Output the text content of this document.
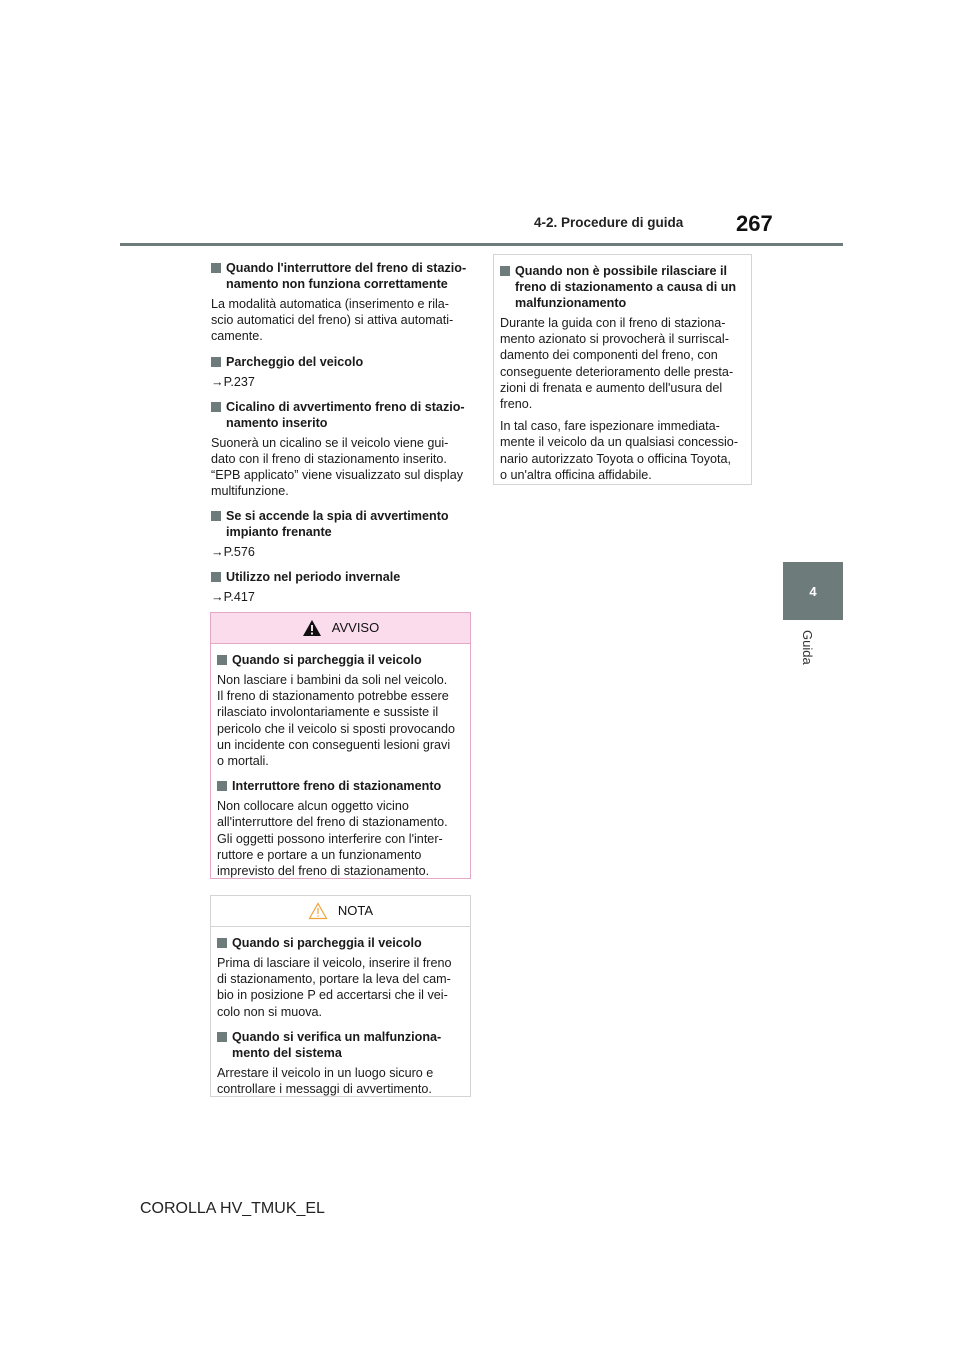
4-2. Procedure di guida 267
4
Guida
Quando l'interruttore del freno di stazio-
namento non funziona correttamente
La modalità automatica (inserimento e rila-
scio automatici del freno) si attiva automati-
camente.
Parcheggio del veicolo
→P.237
Cicalino di avvertimento freno di stazio-
namento inserito
Suonerà un cicalino se il veicolo viene gui-
dato con il freno di stazionamento inserito.
“EPB applicato” viene visualizzato sul display
multifunzione.
Se si accende la spia di avvertimento
impianto frenante
→P.576
Utilizzo nel periodo invernale
→P.417
AVVISO
Quando si parcheggia il veicolo
Non lasciare i bambini da soli nel veicolo.
Il freno di stazionamento potrebbe essere
rilasciato involontariamente e sussiste il
pericolo che il veicolo si sposti provocando
un incidente con conseguenti lesioni gravi
o mortali.
Interruttore freno di stazionamento
Non collocare alcun oggetto vicino
all'interruttore del freno di stazionamento.
Gli oggetti possono interferire con l'inter-
ruttore e portare a un funzionamento
imprevisto del freno di stazionamento.
NOTA
Quando si parcheggia il veicolo
Prima di lasciare il veicolo, inserire il freno
di stazionamento, portare la leva del cam-
bio in posizione P ed accertarsi che il vei-
colo non si muova.
Quando si verifica un malfunziona-
mento del sistema
Arrestare il veicolo in un luogo sicuro e
controllare i messaggi di avvertimento.
Quando non è possibile rilasciare il
freno di stazionamento a causa di un
malfunzionamento
Durante la guida con il freno di staziona-
mento azionato si provocherà il surriscal-
damento dei componenti del freno, con
conseguente deterioramento delle presta-
zioni di frenata e aumento dell'usura del
freno.
In tal caso, fare ispezionare immediata-
mente il veicolo da un qualsiasi concessio-
nario autorizzato Toyota o officina Toyota,
o un'altra officina affidabile.
COROLLA HV_TMUK_EL
